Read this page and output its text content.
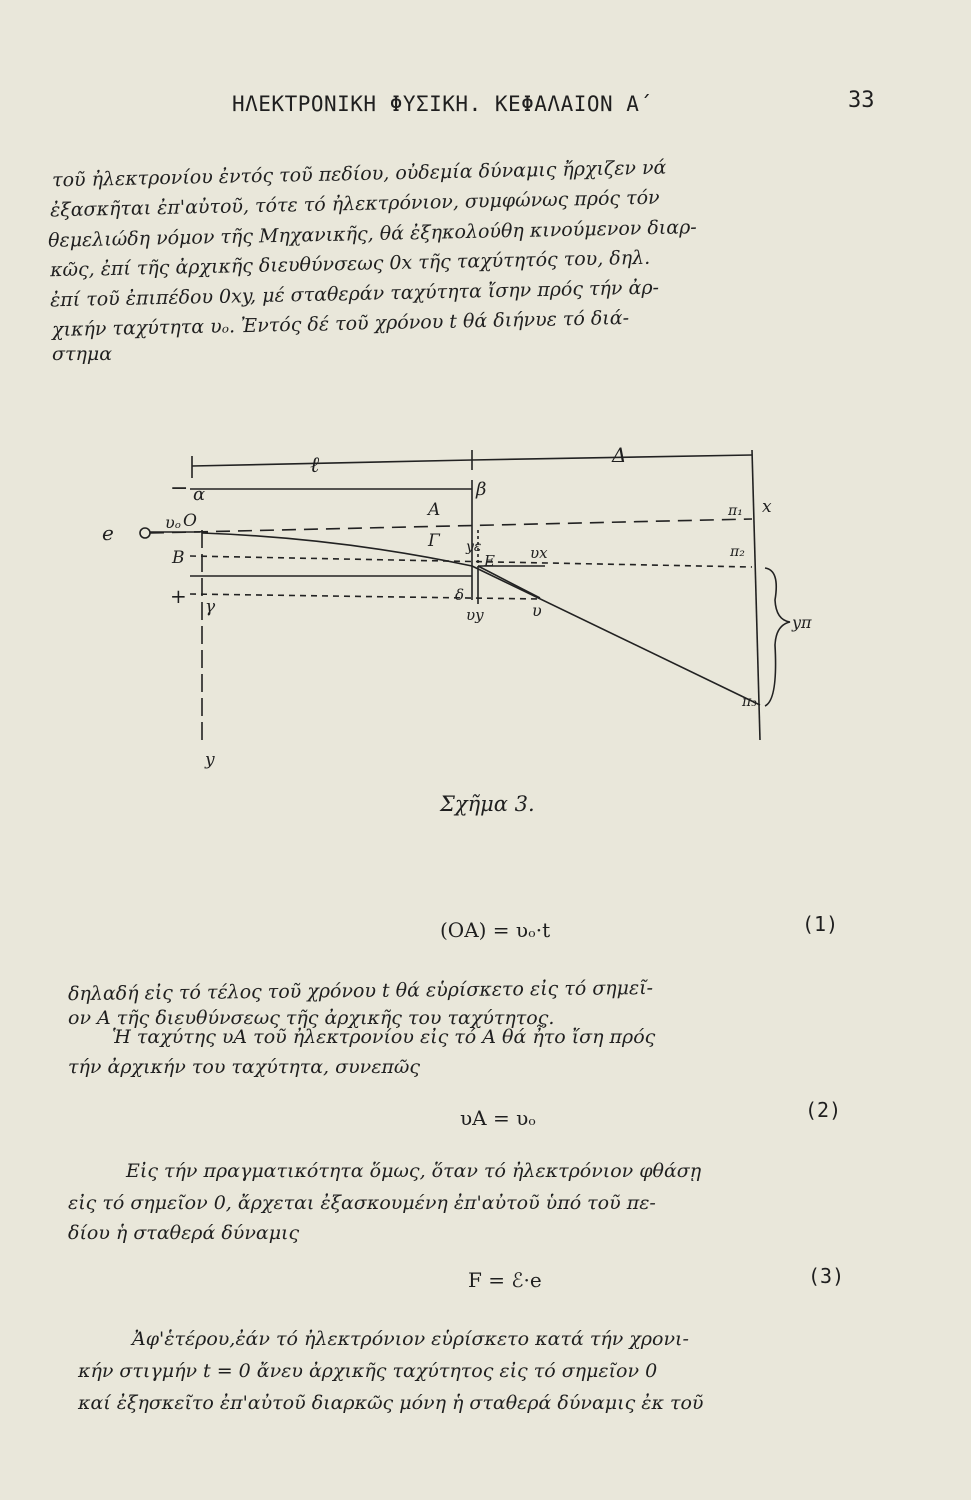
ΗΛΕΚΤΡΟΝΙΚΗ ΦΥΣΙΚΗ. ΚΕΦΑΛΑΙΟΝ Α΄	33
τοῦ ἠλεκτρονίου ἐντός τοῦ πεδίου, οὐδεμία δύναμις ἤρχιζεν νά
ἐξασκῆται ἐπ'αὐτοῦ, τότε τό ἠλεκτρόνιον, συμφώνως πρός τόν
θεμελιώδη νόμον τῆς Μηχανικῆς, θά ἐξηκολούθη κινούμενον διαρ-
κῶς, ἐπί τῆς ἀρχικῆς διευθύνσεως 0x τῆς ταχύτητός του, δηλ.
ἐπί τοῦ ἐπιπέδου 0xy, μέ σταθεράν ταχύτητα ἴσην πρός τήν ἀρ-
χικήν ταχύτητα υₒ. Ἐντός δέ τοῦ χρόνου t θά διήνυε τό διά-
στημα
ℓ	Δ
− α	β
e	υₒ O
B
+ γ
A
Γ yε
E υx
δ
υy	υ
x
π₁
π₂
π₃
yπ
y
Σχῆμα 3.
(OA) = υₒ·t	(1)
δηλαδή εἰς τό τέλος τοῦ χρόνου t θά εὑρίσκετο εἰς τό σημεῖ-
ον A τῆς διευθύνσεως τῆς ἀρχικῆς του ταχύτητος.
Ἡ ταχύτης υA τοῦ ἠλεκτρονίου εἰς τό A θά ἦτο ἴση πρός
τήν ἀρχικήν του ταχύτητα, συνεπῶς
υA = υₒ	(2)
Εἰς τήν πραγματικότητα ὅμως, ὅταν τό ἠλεκτρόνιον φθάσῃ
εἰς τό σημεῖον 0, ἄρχεται ἐξασκουμένη ἐπ'αὐτοῦ ὑπό τοῦ πε-
δίου ἡ σταθερά δύναμις
F = ℰ·e	(3)
Ἀφ'ἑτέρου,ἐάν τό ἠλεκτρόνιον εὑρίσκετο κατά τήν χρονι-
κήν στιγμήν t = 0 ἄνευ ἀρχικῆς ταχύτητος εἰς τό σημεῖον 0
καί ἐξησκεῖτο ἐπ'αὐτοῦ διαρκῶς μόνη ἡ σταθερά δύναμις ἐκ τοῦ
